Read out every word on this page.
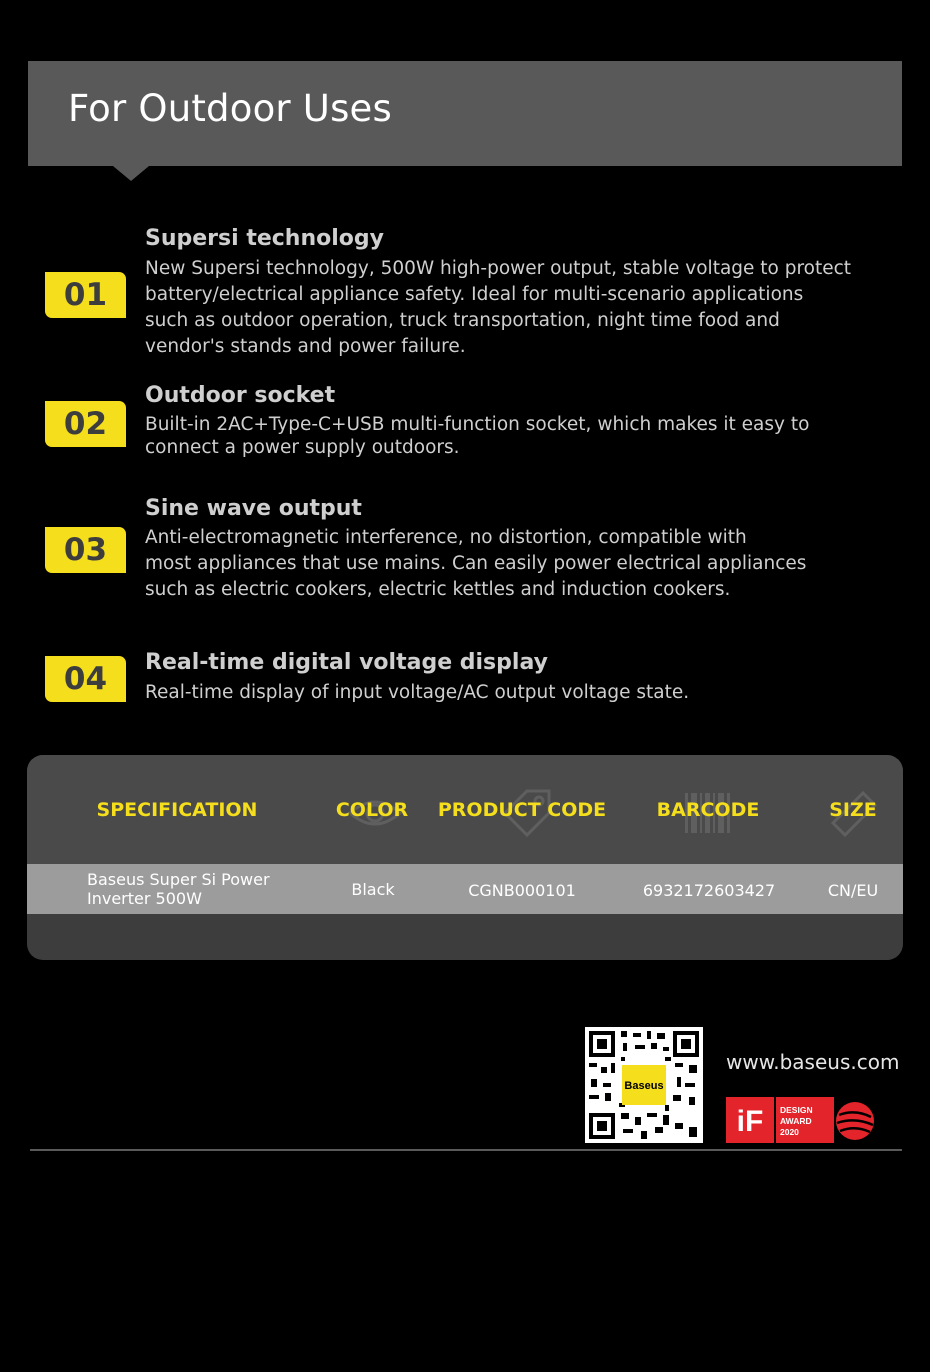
For Outdoor Uses
01
Supersi technology
New Supersi technology, 500W high-power output, stable voltage to protect
battery/electrical appliance safety. Ideal for multi-scenario applications
such as outdoor operation, truck transportation, night time food and
vendor's stands and power failure.
02
Outdoor socket
Built-in 2AC+Type-C+USB multi-function socket, which makes it easy to
connect a power supply outdoors.
03
Sine wave output
Anti-electromagnetic interference, no distortion, compatible with
most appliances that use mains. Can easily power electrical appliances
such as electric cookers, electric kettles and induction cookers.
04	Real-time digital voltage display
Real-time display of input voltage/AC output voltage state.
SPECIFICATION	COLOR	PRODUCT CODE	BARCODE	SIZE
Baseus Super Si Power
Inverter 500W	Black	CGNB000101	6932172603427	CN/EU
Baseus
www.baseus.com
iF DESIGN
AWARD
2020
